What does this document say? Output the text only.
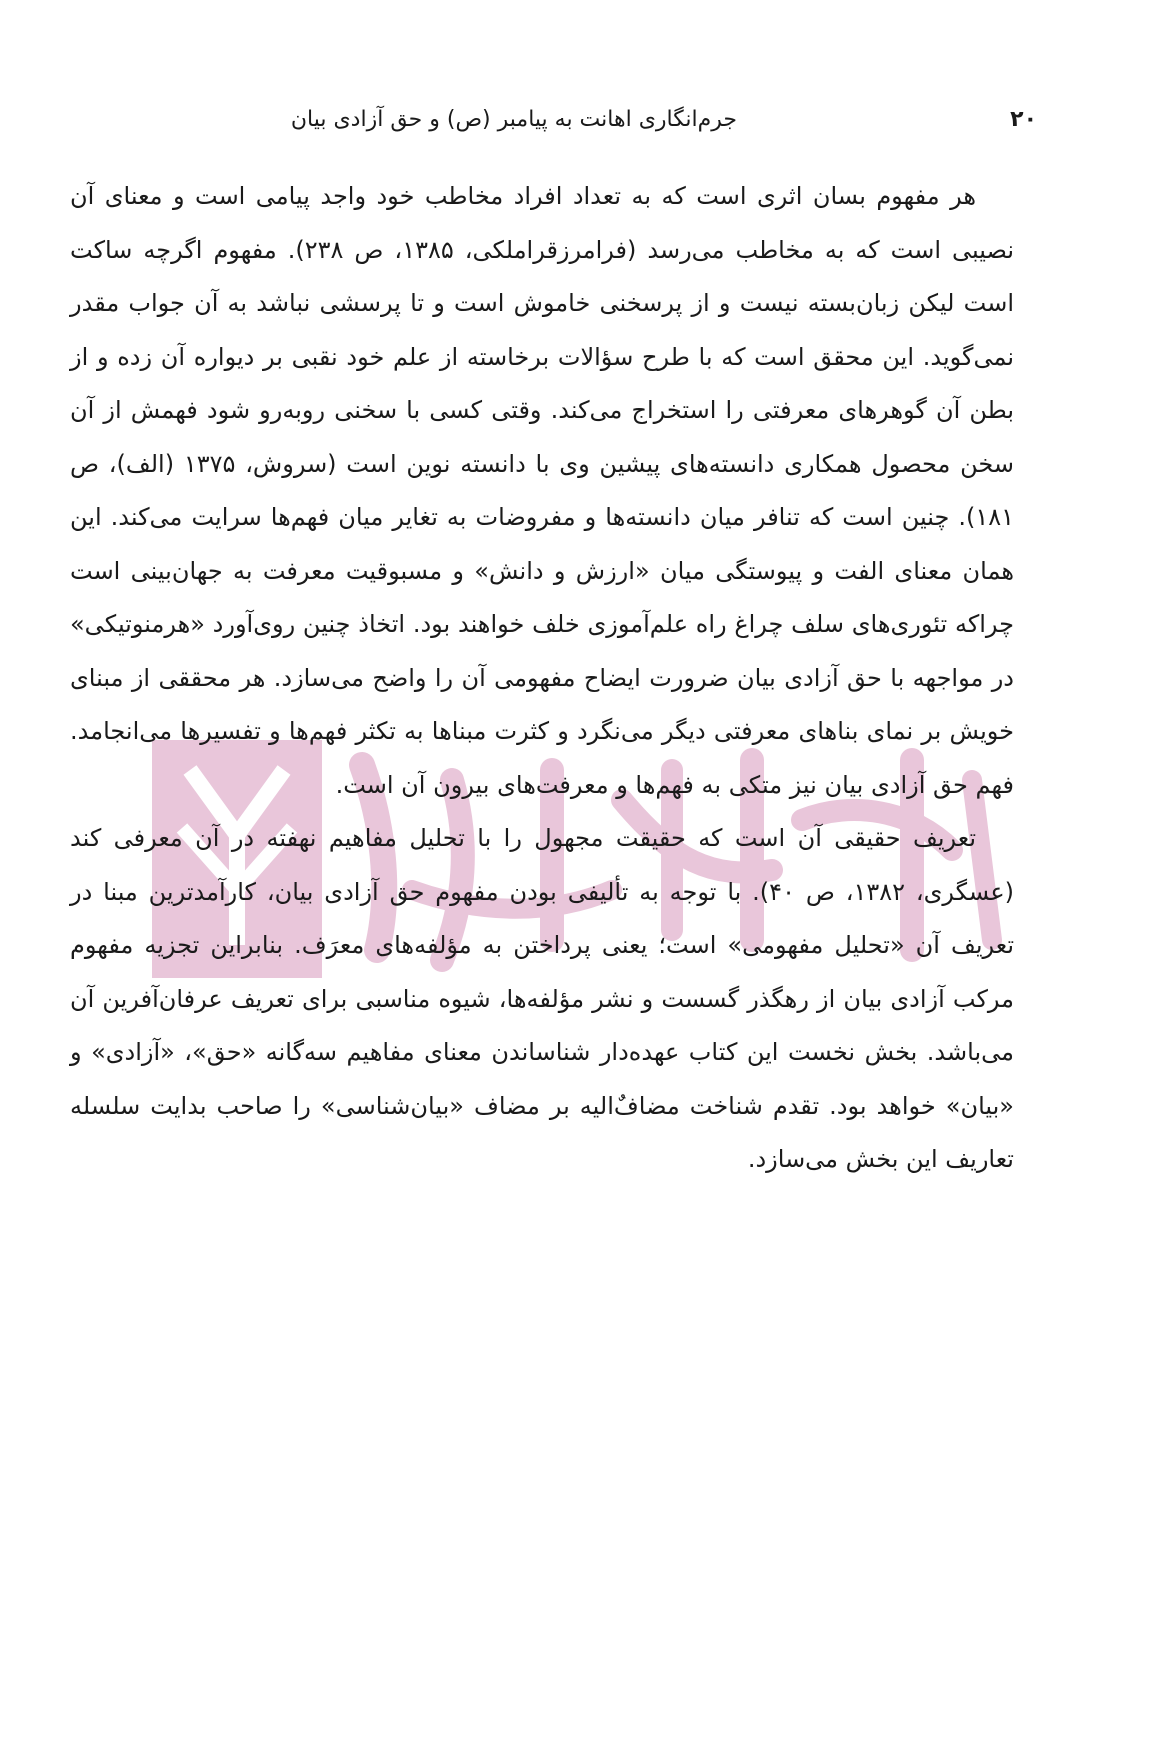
۲۰
جرم‌انگاری اهانت به پیامبر (ص) و حق آزادی بیان

هر مفهوم بسان اثری است که به تعداد افراد مخاطب خود واجد پیامی است و معنای آن نصیبی است که به مخاطب می‌رسد (فرامرزقراملکی، ۱۳۸۵، ص ۲۳۸). مفهوم اگرچه ساکت است لیکن زبان‌بسته نیست و از پرسخنی خاموش است و تا پرسشی نباشد به آن جواب مقدر نمی‌گوید. این محقق است که با طرح سؤالات برخاسته از علم خود نقبی بر دیواره آن زده و از بطن آن گوهرهای معرفتی را استخراج می‌کند. وقتی کسی با سخنی روبه‌رو شود فهمش از آن سخن محصول همکاری دانسته‌های پیشین وی با دانسته نوین است (سروش، ۱۳۷۵ (الف)، ص ۱۸۱). چنین است که تنافر میان دانسته‌ها و مفروضات به تغایر میان فهم‌ها سرایت می‌کند. این همان معنای الفت و پیوستگی میان «ارزش و دانش» و مسبوقیت معرفت به جهان‌بینی است چراکه تئوری‌های سلف چراغ راه علم‌آموزی خلف خواهند بود. اتخاذ چنین روی‌آورد «هرمنوتیکی» در مواجهه با حق آزادی بیان ضرورت ایضاح مفهومی آن را واضح می‌سازد. هر محققی از مبنای خویش بر نمای بناهای معرفتی دیگر می‌نگرد و کثرت مبناها به تکثر فهم‌ها و تفسیرها می‌انجامد. فهم حق آزادی بیان نیز متکی به فهم‌ها و معرفت‌های بیرون آن است.

تعریف حقیقی آن است که حقیقت مجهول را با تحلیل مفاهیم نهفته در آن معرفی کند (عسگری، ۱۳۸۲، ص ۴۰). با توجه به تألیفی بودن مفهوم حق آزادی بیان، کارآمدترین مبنا در تعریف آن «تحلیل مفهومی» است؛ یعنی پرداختن به مؤلفه‌های معرَف. بنابراین تجزیه مفهوم مرکب آزادی بیان از رهگذر گسست و نشر مؤلفه‌ها، شیوه مناسبی برای تعریف عرفان‌آفرین آن می‌باشد. بخش نخست این کتاب عهده‌دار شناساندن معنای مفاهیم سه‌گانه «حق»، «آزادی» و «بیان» خواهد بود. تقدم شناخت مضاف‌ٌالیه بر مضاف «بیان‌شناسی» را صاحب بدایت سلسله تعاریف این بخش می‌سازد.
